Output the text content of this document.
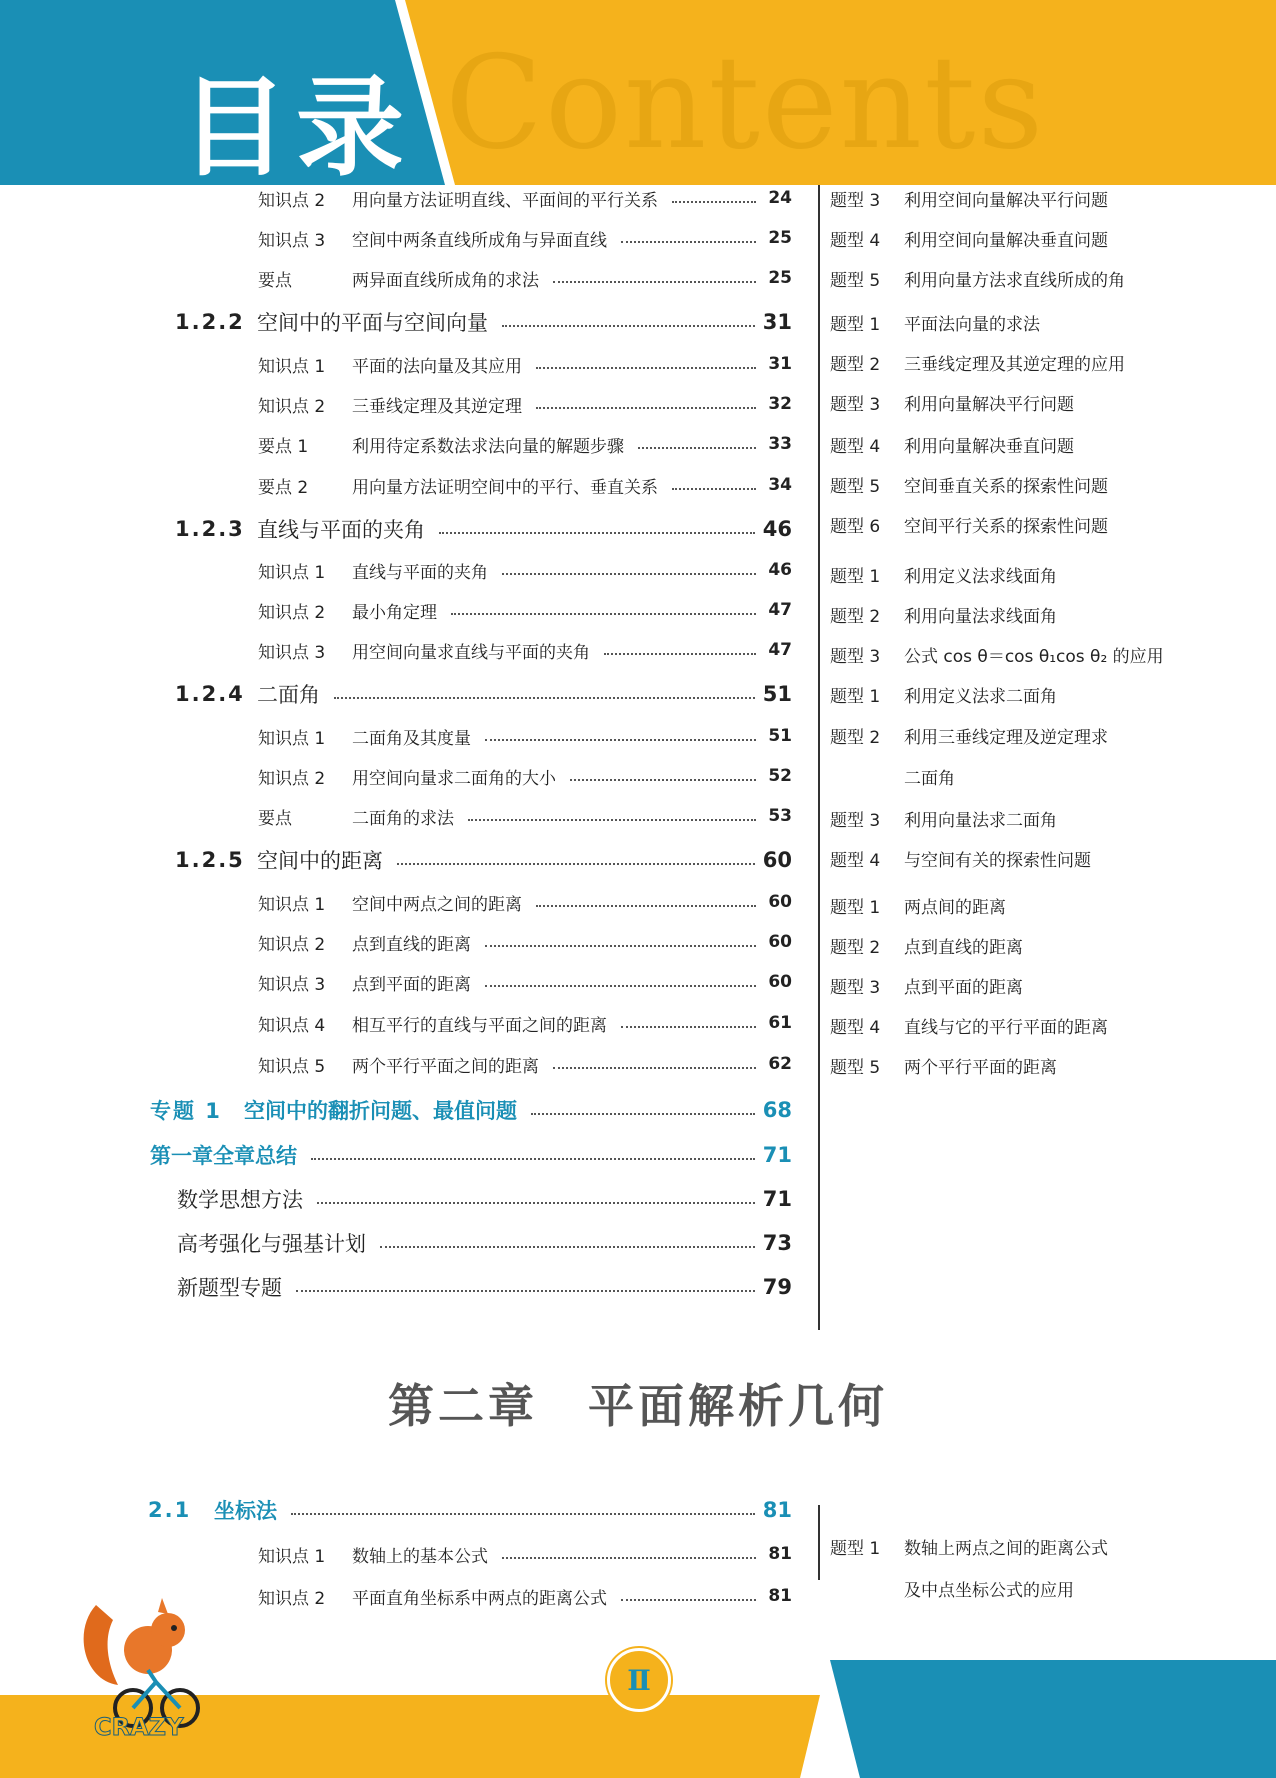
Contents
目录
知识点 2	用向量方法证明直线、平面间的平行关系	24
知识点 3	空间中两条直线所成角与异面直线	25
要点	两异面直线所成角的求法	25
1.2.2 空间中的平面与空间向量	31
知识点 1	平面的法向量及其应用	31
知识点 2	三垂线定理及其逆定理	32
要点 1	利用待定系数法求法向量的解题步骤	33
要点 2	用向量方法证明空间中的平行、垂直关系	34
1.2.3 直线与平面的夹角	46
知识点 1	直线与平面的夹角	46
知识点 2	最小角定理	47
知识点 3	用空间向量求直线与平面的夹角	47
1.2.4 二面角	51
知识点 1	二面角及其度量	51
知识点 2	用空间向量求二面角的大小	52
要点	二面角的求法	53
1.2.5 空间中的距离	60
知识点 1	空间中两点之间的距离	60
知识点 2	点到直线的距离	60
知识点 3	点到平面的距离	60
知识点 4	相互平行的直线与平面之间的距离	61
知识点 5	两个平行平面之间的距离	62
专题 1	空间中的翻折问题、最值问题	68
第一章全章总结	71
数学思想方法	71
高考强化与强基计划	73
新题型专题	79
题型 3	利用空间向量解决平行问题
题型 4	利用空间向量解决垂直问题
题型 5	利用向量方法求直线所成的角
题型 1	平面法向量的求法
题型 2	三垂线定理及其逆定理的应用
题型 3	利用向量解决平行问题
题型 4	利用向量解决垂直问题
题型 5	空间垂直关系的探索性问题
题型 6	空间平行关系的探索性问题
题型 1	利用定义法求线面角
题型 2	利用向量法求线面角
题型 3	公式 cos θ＝cos θ₁cos θ₂ 的应用
题型 1	利用定义法求二面角
题型 2	利用三垂线定理及逆定理求
二面角
题型 3	利用向量法求二面角
题型 4	与空间有关的探索性问题
题型 1	两点间的距离
题型 2	点到直线的距离
题型 3	点到平面的距离
题型 4	直线与它的平行平面的距离
题型 5	两个平行平面的距离
第二章　平面解析几何
2.1	坐标法	81
知识点 1	数轴上的基本公式	81
知识点 2	平面直角坐标系中两点的距离公式	81
题型 1	数轴上两点之间的距离公式
及中点坐标公式的应用
Ⅱ
CRAZY
